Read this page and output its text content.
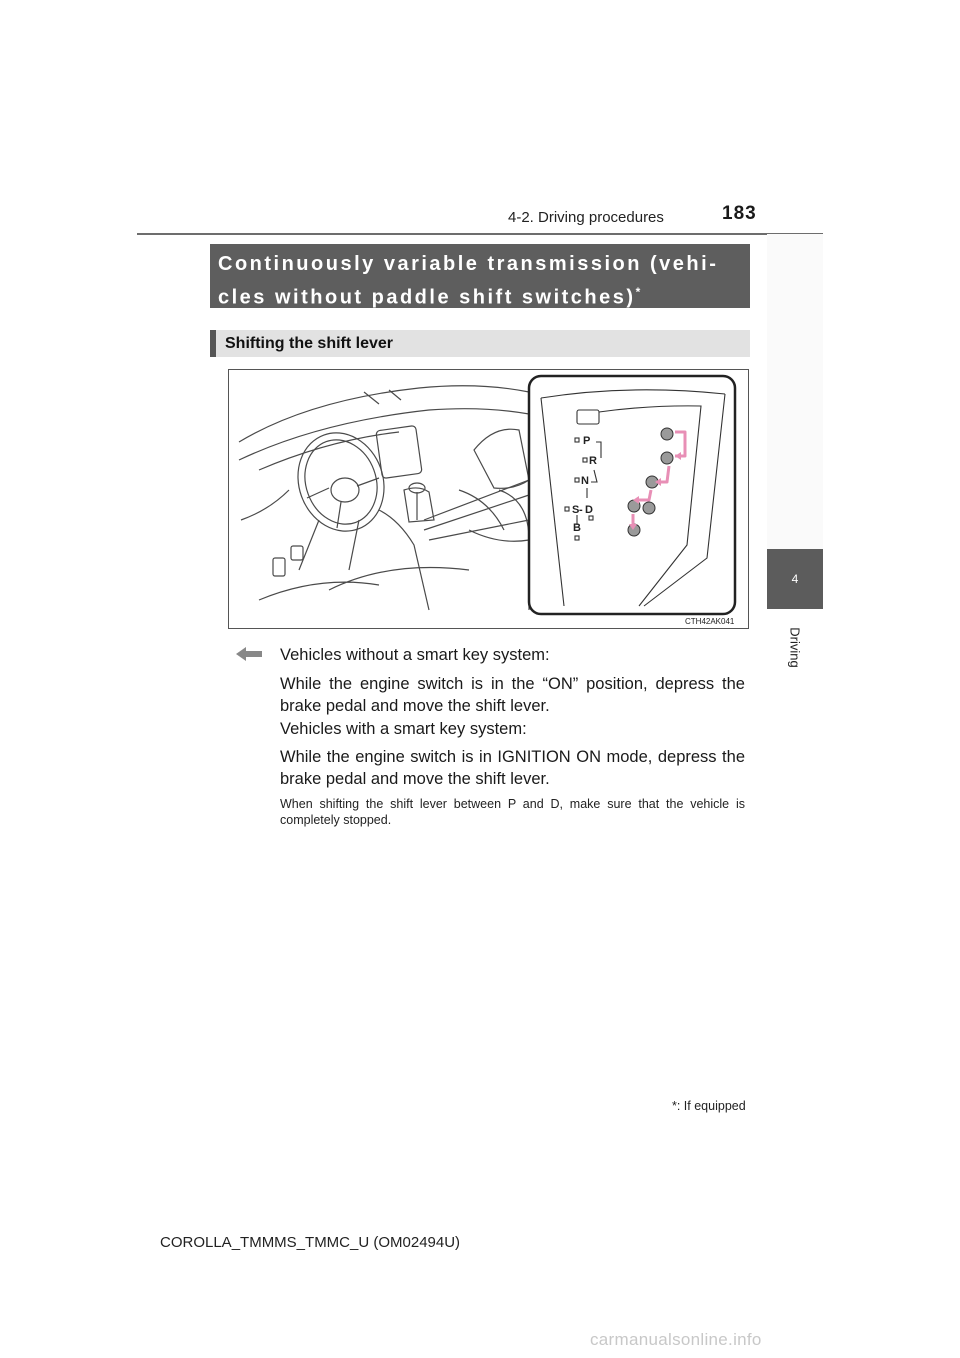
183
4-2. Driving procedures
4
Driving
Continuously variable transmission (vehi-
cles without paddle shift switches)*
Shifting the shift lever
P
R
N
S - D
B
CTH42AK041
Vehicles without a smart key system:
While the engine switch is in the “ON” position, depress the brake pedal and move the shift lever.
Vehicles with a smart key system:
While the engine switch is in IGNITION ON mode, depress the brake pedal and move the shift lever.
When shifting the shift lever between P and D, make sure that the vehicle is completely stopped.
*: If equipped
COROLLA_TMMMS_TMMC_U (OM02494U)
carmanualsonline.info
